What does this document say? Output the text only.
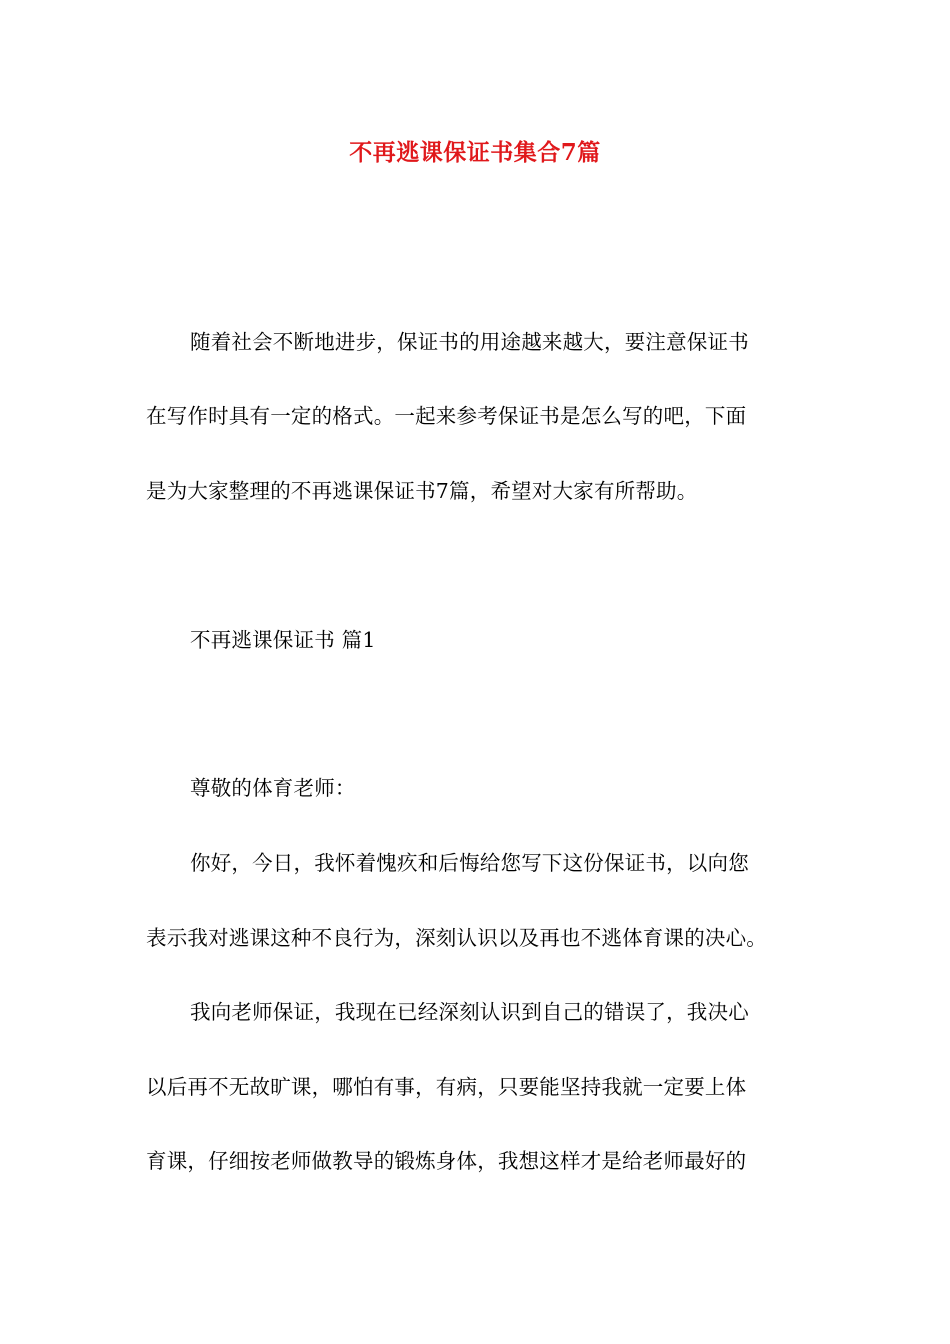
不再逃课保证书集合7篇
随着社会不断地进步，保证书的用途越来越大，要注意保证书
在写作时具有一定的格式。一起来参考保证书是怎么写的吧，下面
是为大家整理的不再逃课保证书7篇，希望对大家有所帮助。
不再逃课保证书 篇1
尊敬的体育老师：
你好，今日，我怀着愧疚和后悔给您写下这份保证书，以向您
表示我对逃课这种不良行为，深刻认识以及再也不逃体育课的决心。
我向老师保证，我现在已经深刻认识到自己的错误了，我决心
以后再不无故旷课，哪怕有事，有病，只要能坚持我就一定要上体
育课，仔细按老师做教导的锻炼身体，我想这样才是给老师最好的
